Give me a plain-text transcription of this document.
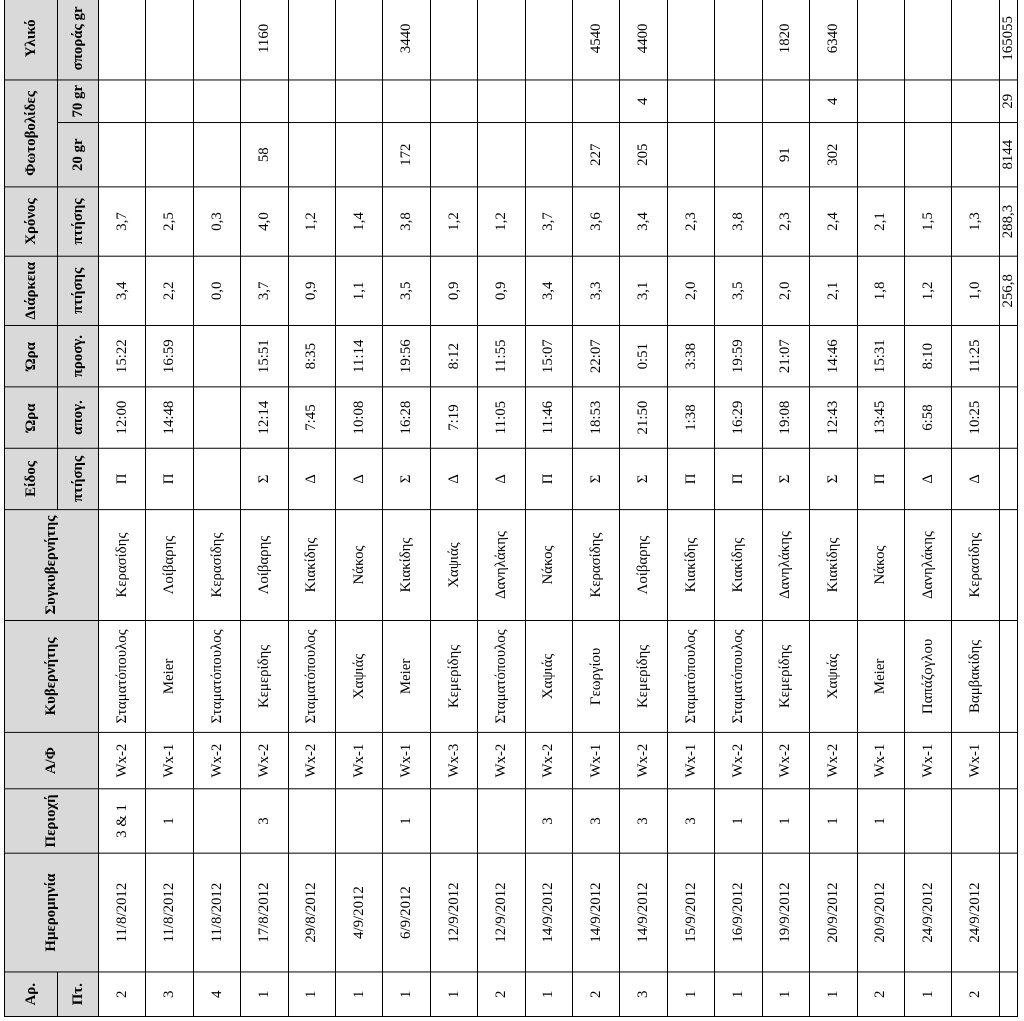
Αρ.	Ημερομηνία	Περιοχή	Α/Φ	Κυβερνήτης	Συγκυβερνήτης	Είδος	Ώρα	Ώρα	Διάρκεια	Χρόνος	Φωτοβολίδες		Υλικό
Πτ.						πτήσης	απογ.	προσγ.	πτήσης	πτήσης	20 gr	70 gr	σποράς gr
2	11/8/2012	3 & 1	Wx-2	Σταματόπουλος	Κερασίδης	Π	12:00	15:22	3,4	3,7			
3	11/8/2012	1	Wx-1	Meier	Λοίβαρης	Π	14:48	16:59	2,2	2,5			
4	11/8/2012		Wx-2	Σταματόπουλος	Κερασίδης				0,0	0,3			
1	17/8/2012	3	Wx-2	Κεμερίδης	Λοίβαρης	Σ	12:14	15:51	3,7	4,0	58		1160
1	29/8/2012		Wx-2	Σταματόπουλος	Κιακίδης	Δ	7:45	8:35	0,9	1,2			
1	4/9/2012		Wx-1	Χαψιάς	Νάκος	Δ	10:08	11:14	1,1	1,4			
1	6/9/2012	1	Wx-1	Meier	Κιακίδης	Σ	16:28	19:56	3,5	3,8	172		3440
1	12/9/2012		Wx-3	Κεμερίδης	Χαψιάς	Δ	7:19	8:12	0,9	1,2			
2	12/9/2012		Wx-2	Σταματόπουλος	Δανηλάκης	Δ	11:05	11:55	0,9	1,2			
1	14/9/2012	3	Wx-2	Χαψιάς	Νάκος	Π	11:46	15:07	3,4	3,7			
2	14/9/2012	3	Wx-1	Γεωργίου	Κερασίδης	Σ	18:53	22:07	3,3	3,6	227		4540
3	14/9/2012	3	Wx-2	Κεμερίδης	Λοίβαρης	Σ	21:50	0:51	3,1	3,4	205	4	4400
1	15/9/2012	3	Wx-1	Σταματόπουλος	Κιακίδης	Π	1:38	3:38	2,0	2,3			
1	16/9/2012	1	Wx-2	Σταματόπουλος	Κιακίδης	Π	16:29	19:59	3,5	3,8			
1	19/9/2012	1	Wx-2	Κεμερίδης	Δανηλάκης	Σ	19:08	21:07	2,0	2,3	91		1820
1	20/9/2012	1	Wx-2	Χαψιάς	Κιακίδης	Σ	12:43	14:46	2,1	2,4	302	4	6340
2	20/9/2012	1	Wx-1	Meier	Νάκος	Π	13:45	15:31	1,8	2,1			
1	24/9/2012		Wx-1	Παπάζογλου	Δανηλάκης	Δ	6:58	8:10	1,2	1,5			
2	24/9/2012		Wx-1	Βαμβακίδης	Κερασίδης	Δ	10:25	11:25	1,0	1,3			
									256,8	288,3	8144	29	165055
